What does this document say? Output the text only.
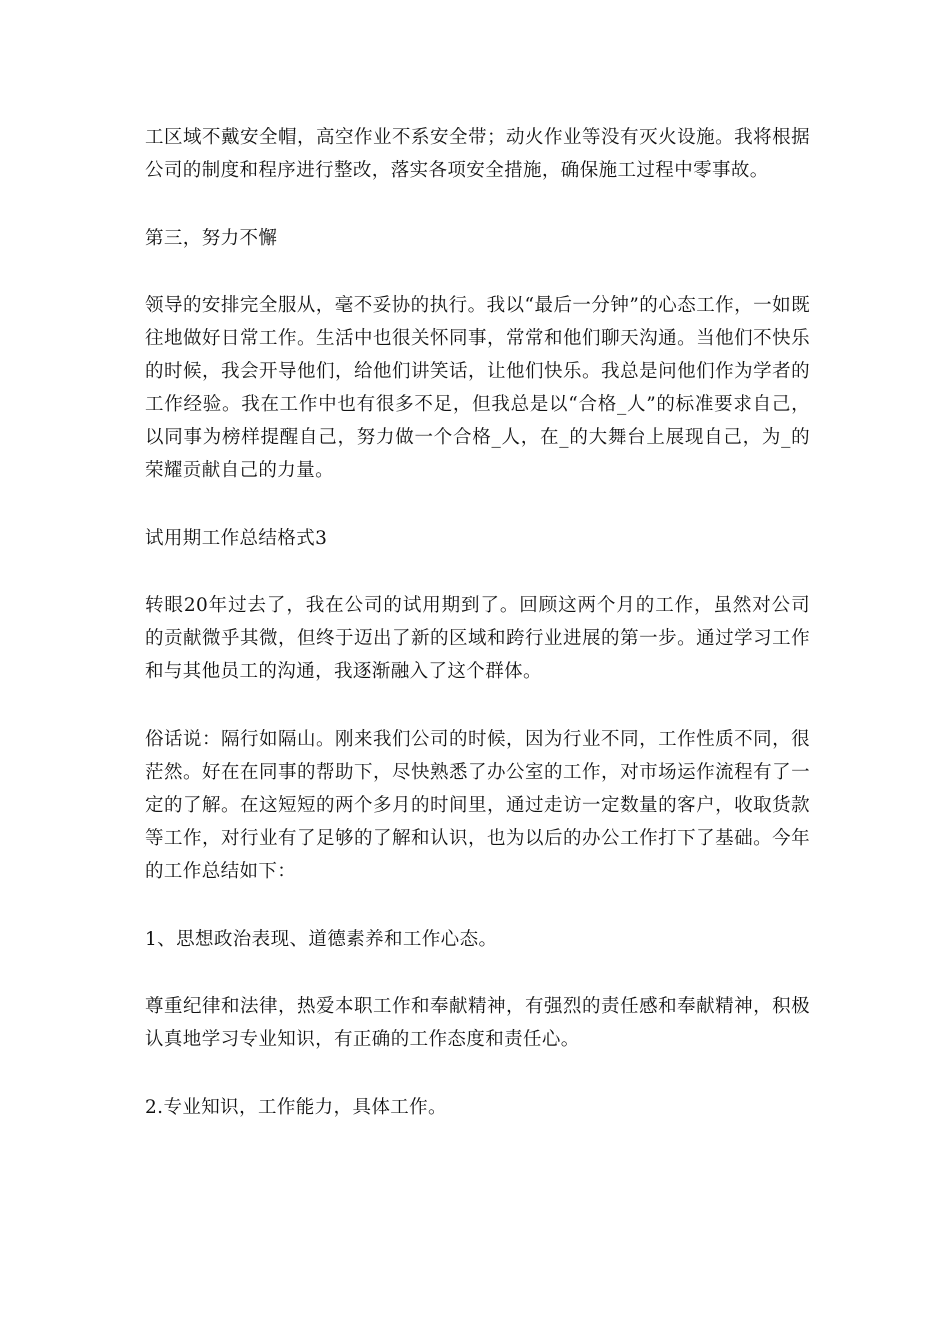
工区域不戴安全帽，高空作业不系安全带；动火作业等没有灭火设施。我将根据公司的制度和程序进行整改，落实各项安全措施，确保施工过程中零事故。

第三，努力不懈

领导的安排完全服从，毫不妥协的执行。我以“最后一分钟”的心态工作，一如既往地做好日常工作。生活中也很关怀同事，常常和他们聊天沟通。当他们不快乐的时候，我会开导他们，给他们讲笑话，让他们快乐。我总是问他们作为学者的工作经验。我在工作中也有很多不足，但我总是以“合格_人”的标准要求自己，以同事为榜样提醒自己，努力做一个合格_人，在_的大舞台上展现自己，为_的荣耀贡献自己的力量。

试用期工作总结格式3

转眼20年过去了，我在公司的试用期到了。回顾这两个月的工作，虽然对公司的贡献微乎其微，但终于迈出了新的区域和跨行业进展的第一步。通过学习工作和与其他员工的沟通，我逐渐融入了这个群体。

俗话说：隔行如隔山。刚来我们公司的时候，因为行业不同，工作性质不同，很茫然。好在在同事的帮助下，尽快熟悉了办公室的工作，对市场运作流程有了一定的了解。在这短短的两个多月的时间里，通过走访一定数量的客户，收取货款等工作，对行业有了足够的了解和认识，也为以后的办公工作打下了基础。今年的工作总结如下：

1、思想政治表现、道德素养和工作心态。

尊重纪律和法律，热爱本职工作和奉献精神，有强烈的责任感和奉献精神，积极认真地学习专业知识，有正确的工作态度和责任心。

2.专业知识，工作能力，具体工作。
